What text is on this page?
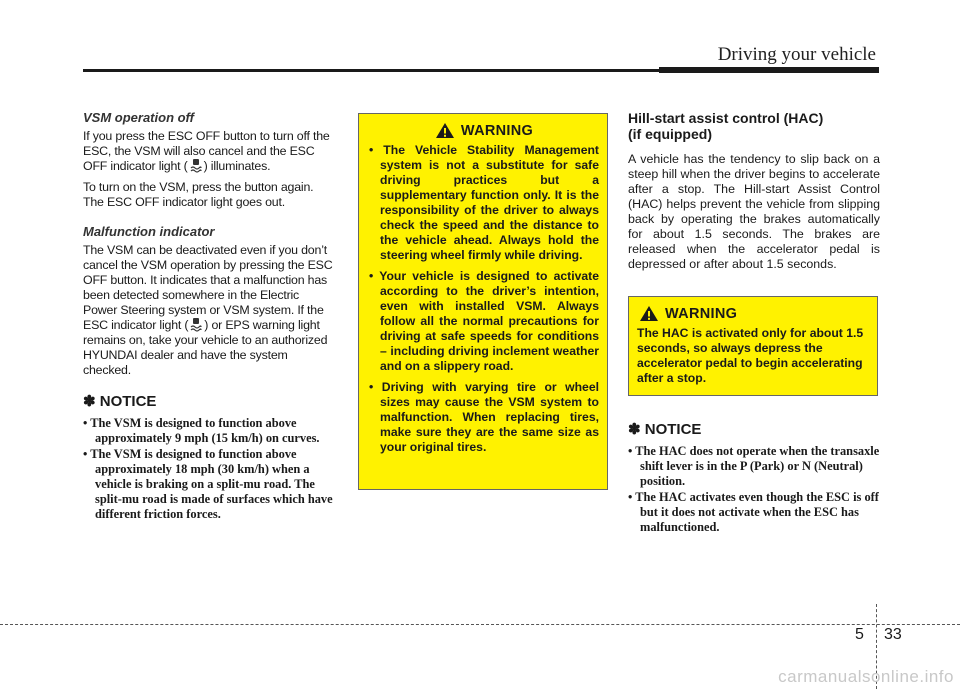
Driving your vehicle
VSM operation off

If you press the ESC OFF button to turn off the ESC, the VSM will also cancel and the ESC OFF indicator light ( ) illuminates.

To turn on the VSM, press the button again. The ESC OFF indicator light goes out.

Malfunction indicator

The VSM can be deactivated even if you don’t cancel the VSM operation by pressing the ESC OFF button. It indicates that a malfunction has been detected somewhere in the Electric Power Steering system or VSM system. If the ESC indicator light ( ) or EPS warning light remains on, take your vehicle to an authorized HYUNDAI dealer and have the system checked.

✽ NOTICE
• The VSM is designed to function above approximately 9 mph (15 km/h) on curves.
• The VSM is designed to function above approximately 18 mph (30 km/h) when a vehicle is braking on a split-mu road. The split-mu road is made of surfaces which have different friction forces.
WARNING
• The Vehicle Stability Management system is not a substitute for safe driving practices but a supplementary function only. It is the responsibility of the driver to always check the speed and the distance to the vehicle ahead. Always hold the steering wheel firmly while driving.
• Your vehicle is designed to activate according to the driver’s intention, even with installed VSM. Always follow all the normal precautions for driving at safe speeds for conditions – including driving inclement weather and on a slippery road.
• Driving with varying tire or wheel sizes may cause the VSM system to malfunction. When replacing tires, make sure they are the same size as your original tires.
Hill-start assist control (HAC)
(if equipped)

A vehicle has the tendency to slip back on a steep hill when the driver begins to accelerate after a stop. The Hill-start Assist Control (HAC) helps prevent the vehicle from slipping back by operating the brakes automatically for about 1.5 seconds. The brakes are released when the accelerator pedal is depressed or after about 1.5 seconds.

WARNING

The HAC is activated only for about 1.5 seconds, so always depress the accelerator pedal to begin accelerating after a stop.

✽ NOTICE
• The HAC does not operate when the transaxle shift lever is in the P (Park) or N (Neutral) position.
• The HAC activates even though the ESC is off but it does not activate when the ESC has malfunctioned.
5 33
carmanualsonline.info
